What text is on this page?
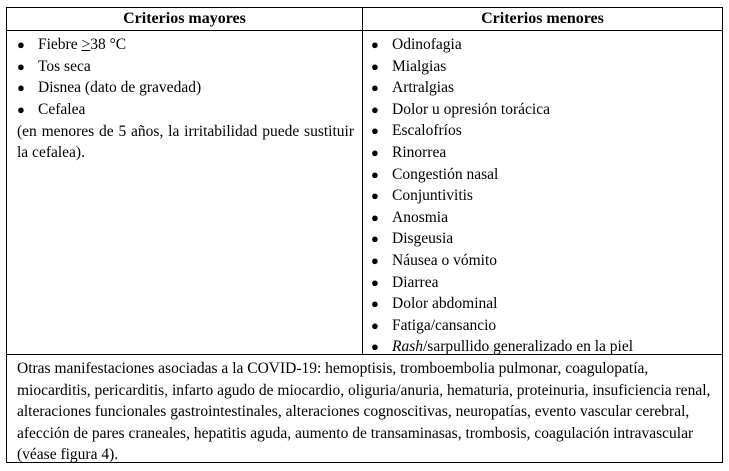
Criterios mayores	Criterios menores
● Fiebre >38 °C
● Tos seca
● Disnea (dato de gravedad)
● Cefalea
(en menores de 5 años, la irritabilidad puede sustituir la cefalea).
● Odinofagia
● Mialgias
● Artralgias
● Dolor u opresión torácica
● Escalofríos
● Rinorrea
● Congestión nasal
● Conjuntivitis
● Anosmia
● Disgeusia
● Náusea o vómito
● Diarrea
● Dolor abdominal
● Fatiga/cansancio
● Rash/sarpullido generalizado en la piel
Otras manifestaciones asociadas a la COVID-19: hemoptisis, tromboembolia pulmonar, coagulopatía, miocarditis, pericarditis, infarto agudo de miocardio, oliguria/anuria, hematuria, proteinuria, insuficiencia renal, alteraciones funcionales gastrointestinales, alteraciones cognoscitivas, neuropatías, evento vascular cerebral, afección de pares craneales, hepatitis aguda, aumento de transaminasas, trombosis, coagulación intravascular (véase figura 4).
